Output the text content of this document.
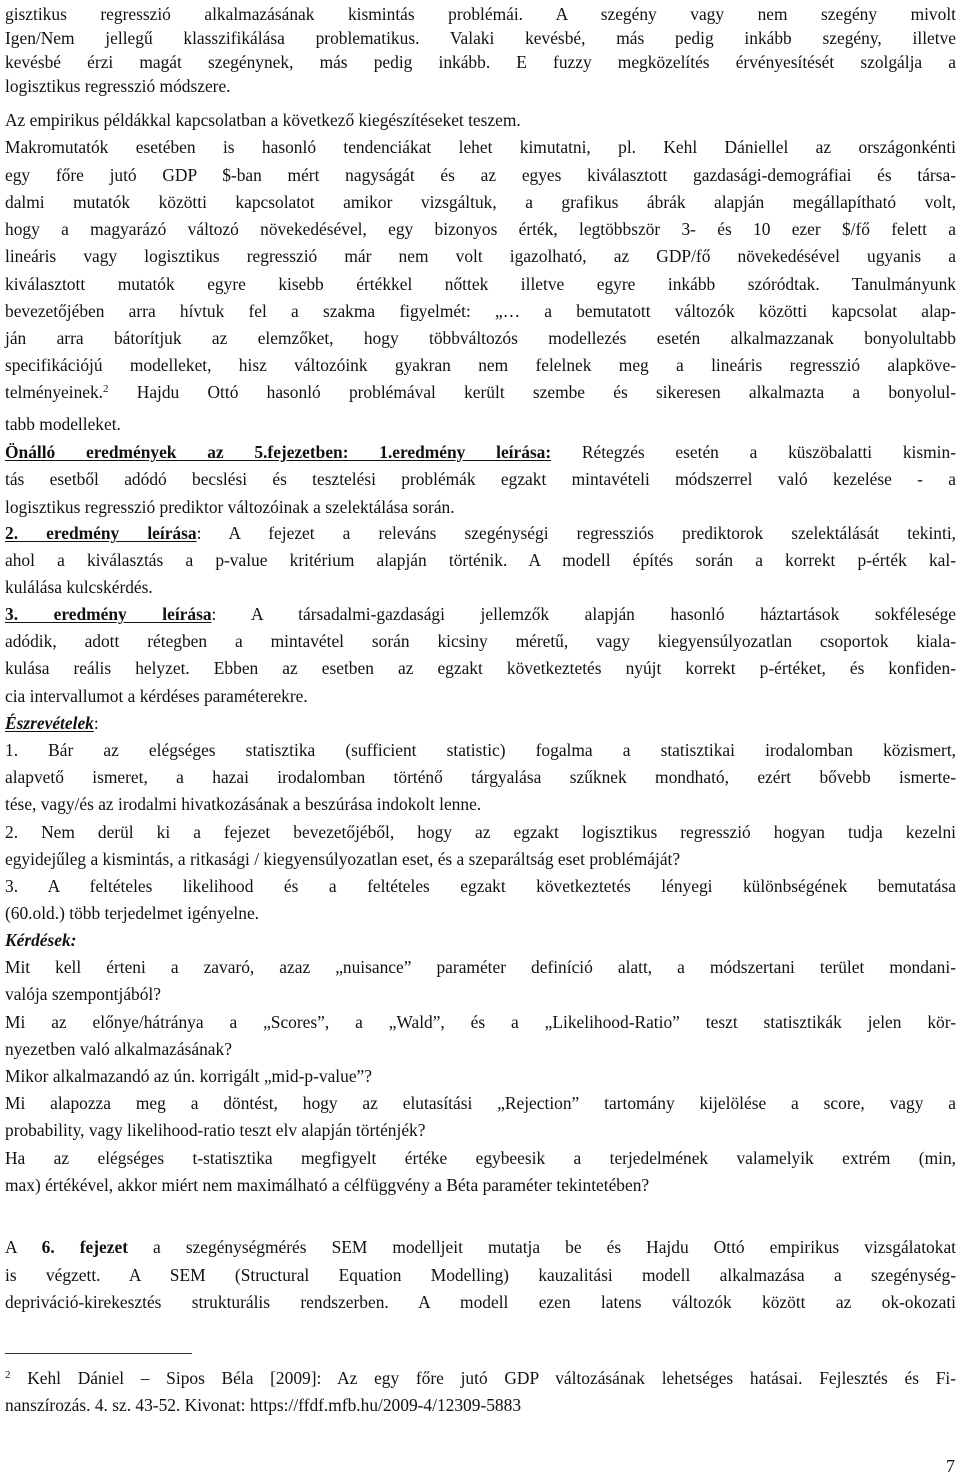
gisztikus regresszió alkalmazásának kismintás problémái. A szegény vagy nem szegény mivolt
Igen/Nem jellegű klasszifikálása problematikus. Valaki kevésbé, más pedig inkább szegény, illetve
kevésbé érzi magát szegénynek, más pedig inkább. E fuzzy megközelítés érvényesítését szolgálja a
logisztikus regresszió módszere.
Az empirikus példákkal kapcsolatban a következő kiegészítéseket teszem.
Makromutatók esetében is hasonló tendenciákat lehet kimutatni, pl. Kehl Dániellel az országonkénti
egy főre jutó GDP $-ban mért nagyságát és az egyes kiválasztott gazdasági-demográfiai és társa-
dalmi mutatók közötti kapcsolatot amikor vizsgáltuk, a grafikus ábrák alapján megállapítható volt,
hogy a magyarázó változó növekedésével, egy bizonyos érték, legtöbbször 3- és 10 ezer $/fő felett a
lineáris vagy logisztikus regresszió már nem volt igazolható, az GDP/fő növekedésével ugyanis a
kiválasztott mutatók egyre kisebb értékkel nőttek illetve egyre inkább szóródtak. Tanulmányunk
bevezetőjében arra hívtuk fel a szakma figyelmét: „… a bemutatott változók közötti kapcsolat alap-
ján arra bátorítjuk az elemzőket, hogy többváltozós modellezés esetén alkalmazzanak bonyolultabb
specifikációjú modelleket, hisz változóink gyakran nem felelnek meg a lineáris regresszió alapköve-
tabb modelleket.
logisztikus regresszió prediktor változóinak a szelektálása során.
ahol a kiválasztás a p-value kritérium alapján történik. A modell építés során a korrekt p-érték kal-
kulálása kulcskérdés.
adódik, adott rétegben a mintavétel során kicsiny méretű, vagy kiegyensúlyozatlan csoportok kiala-
kulása reális helyzet. Ebben az esetben az egzakt következtetés nyújt korrekt p-értéket, és konfiden-
cia intervallumot a kérdéses paraméterekre.
1. Bár az elégséges statisztika (sufficient statistic) fogalma a statisztikai irodalomban közismert,
alapvető ismeret, a hazai irodalomban történő tárgyalása szűknek mondható, ezért bővebb ismerte-
tése, vagy/és az irodalmi hivatkozásának a beszúrása indokolt lenne.
2. Nem derül ki a fejezet bevezetőjéből, hogy az egzakt logisztikus regresszió hogyan tudja kezelni
egyidejűleg a kismintás, a ritkasági / kiegyensúlyozatlan eset, és a szeparáltság eset problémáját?
3. A feltételes likelihood és a feltételes egzakt következtetés lényegi különbségének bemutatása
(60.old.) több terjedelmet igényelne.
Mit kell érteni a zavaró, azaz „nuisance” paraméter definíció alatt, a módszertani terület mondani-
valója szempontjából?
Mi az előnye/hátránya a „Scores”, a „Wald”, és a „Likelihood-Ratio” teszt statisztikák jelen kör-
nyezetben való alkalmazásának?
Mikor alkalmazandó az ún. korrigált „mid-p-value”?
Mi alapozza meg a döntést, hogy az elutasítási „Rejection” tartomány kijelölése a score, vagy a
probability, vagy likelihood-ratio teszt elv alapján történjék?
Ha az elégséges t-statisztika megfigyelt értéke egybeesik a terjedelmének valamelyik extrém (min,
max) értékével, akkor miért nem maximálható a célfüggvény a Béta paraméter tekintetében?
is végzett. A SEM (Structural Equation Modelling) kauzalitási modell alkalmazása a szegénység-
depriváció-kirekesztés strukturális rendszerben. A modell ezen latens változók között az ok-okozati
nanszírozás. 4. sz. 43-52. Kivonat: https://ffdf.mfb.hu/2009-4/12309-5883
telményeinek.$^2$ Hajdu Ottó hasonló problémával került szembe és sikeresen alkalmazta a bonyolul-
Önálló eredmények az 5.fejezetben: 1.eredmény leírása: Rétegzés esetén a küszöbalatti kismin-
tás esetből adódó becslési és tesztelési problémák egzakt mintavételi módszerrel való kezelése - a
2. eredmény leírása: A fejezet a releváns szegénységi regressziós prediktorok szelektálását tekinti,
3. eredmény leírása: A társadalmi-gazdasági jellemzők alapján hasonló háztartások sokfélesége
Észrevételek:
Kérdések:
A 6. fejezet a szegénységmérés SEM modelljeit mutatja be és Hajdu Ottó empirikus vizsgálatokat
$^2$ Kehl Dániel – Sipos Béla [2009]: Az egy főre jutó GDP változásának lehetséges hatásai. Fejlesztés és Fi-
7
